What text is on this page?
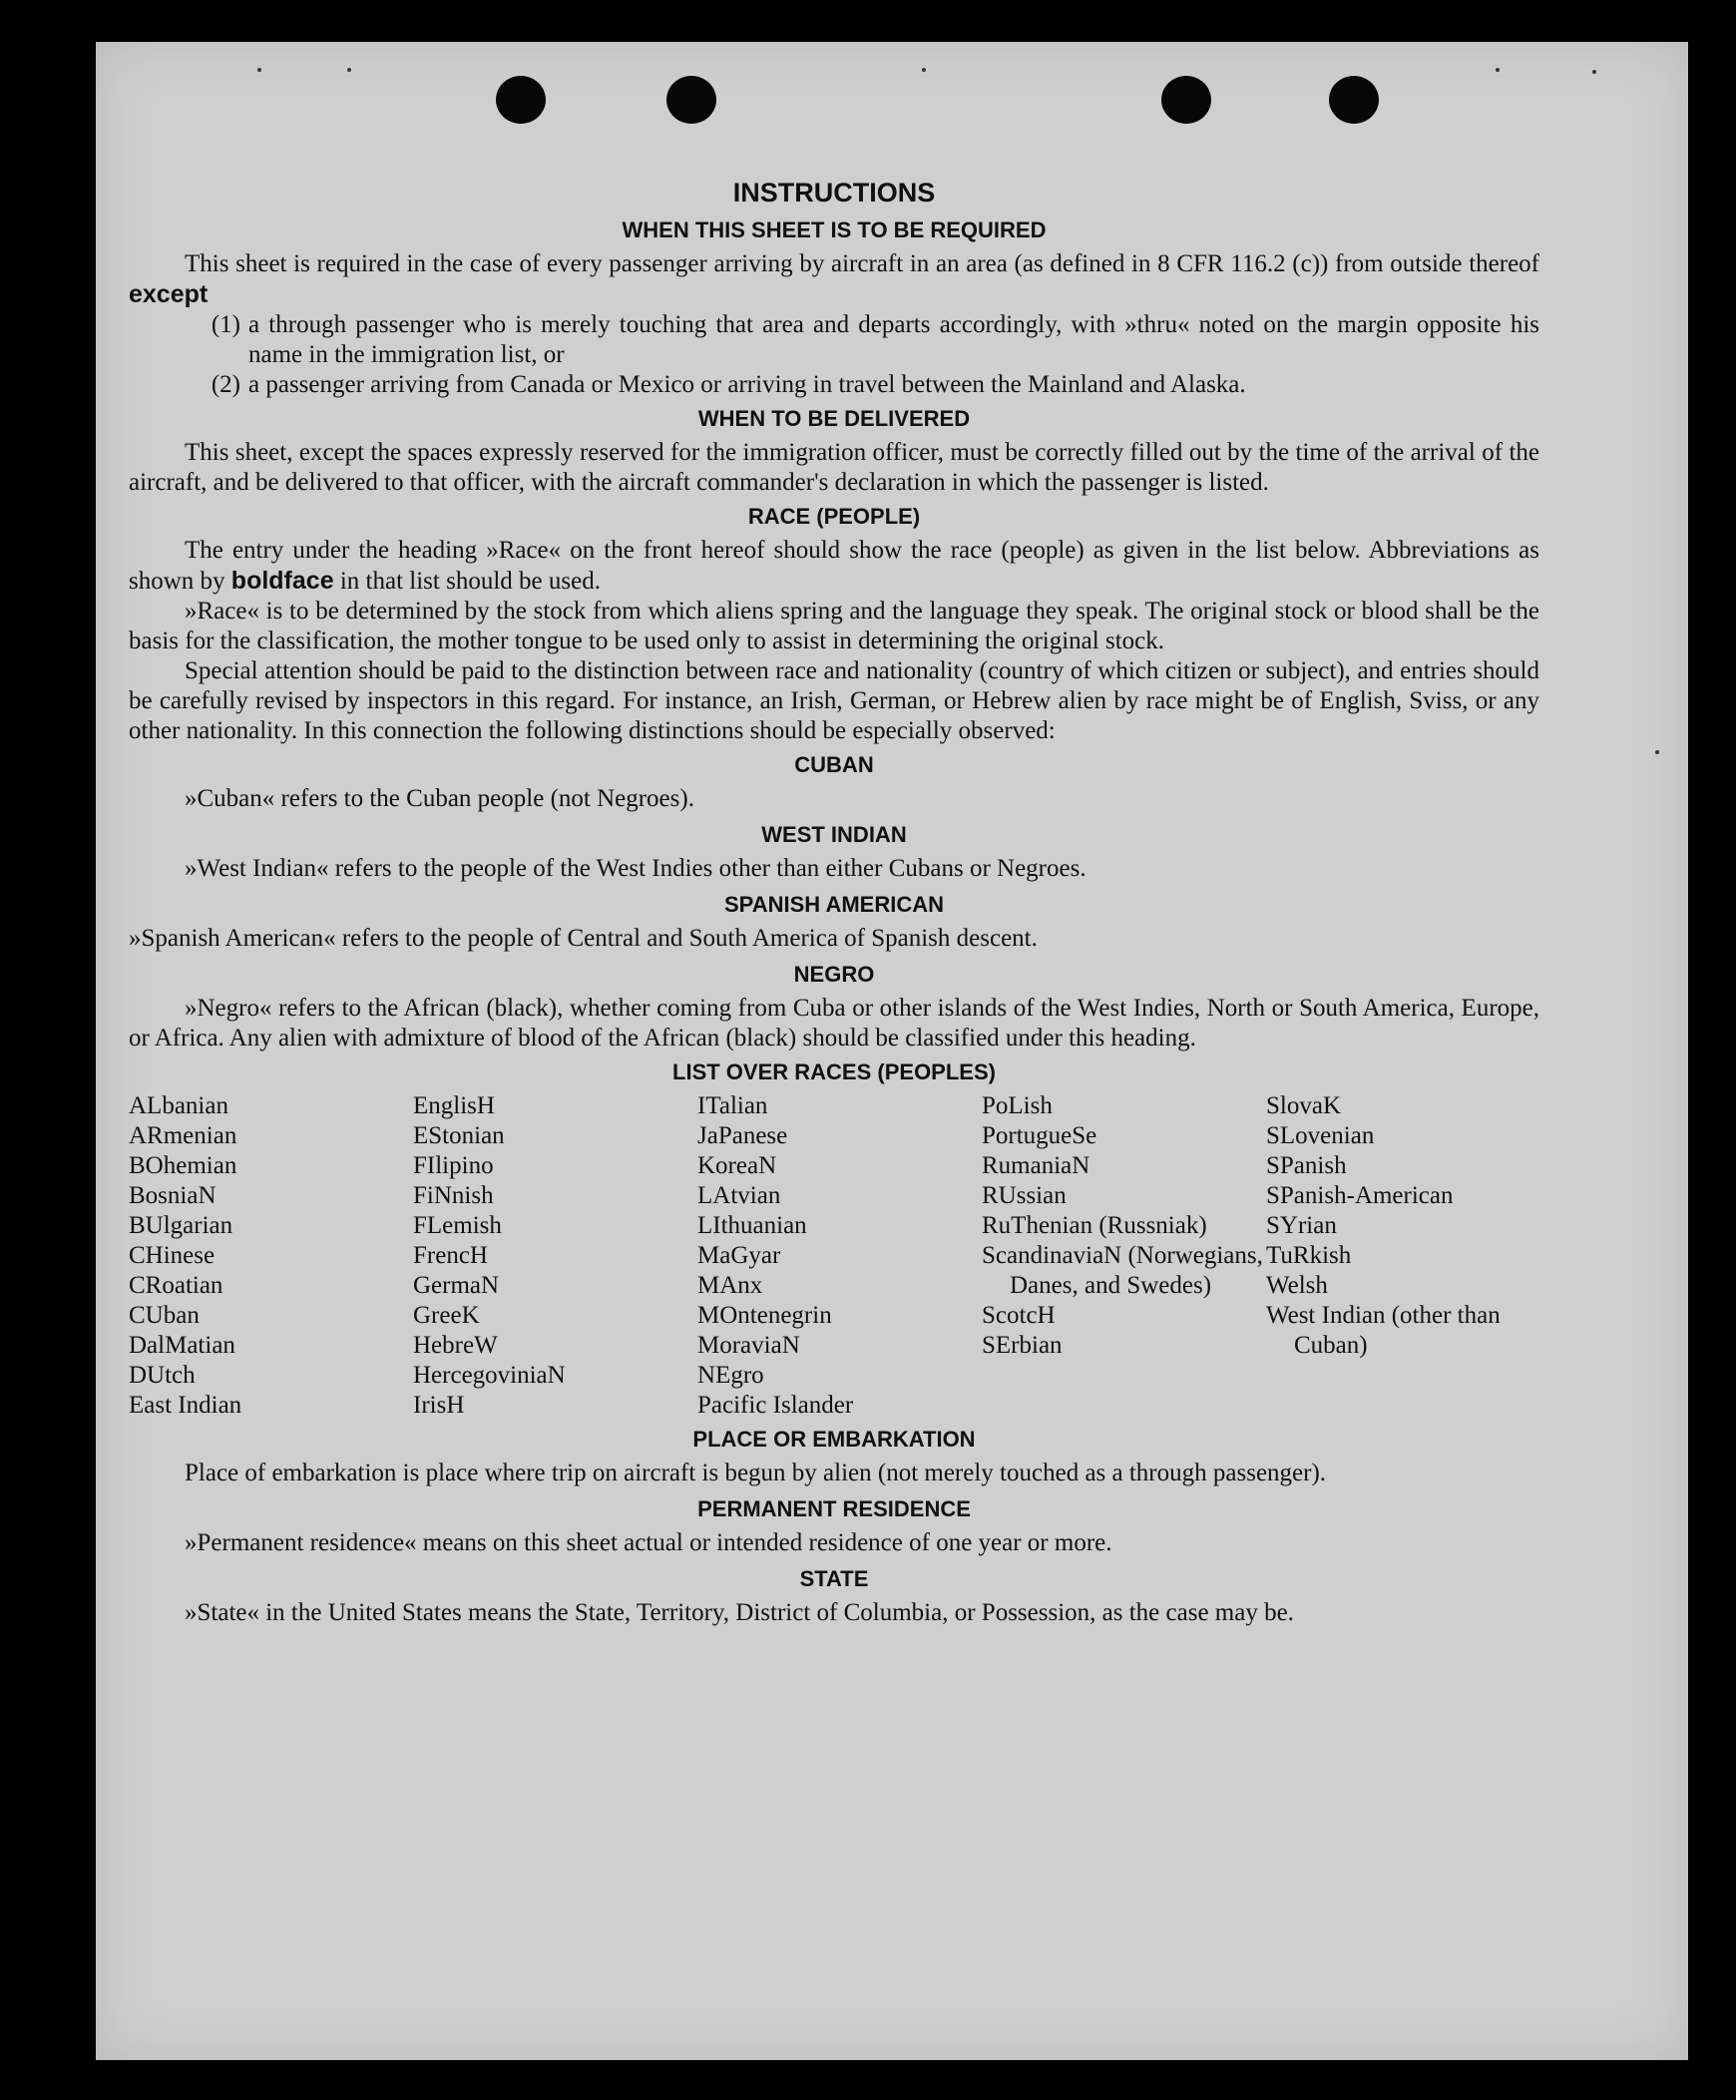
INSTRUCTIONS
WHEN THIS SHEET IS TO BE REQUIRED

This sheet is required in the case of every passenger arriving by aircraft in an area (as defined in 8 CFR 116.2 (c)) from outside thereof except

(1) a through passenger who is merely touching that area and departs accordingly, with »thru« noted on the margin opposite his name in the immigration list, or
(2) a passenger arriving from Canada or Mexico or arriving in travel between the Mainland and Alaska.
WHEN TO BE DELIVERED

This sheet, except the spaces expressly reserved for the immigration officer, must be correctly filled out by the time of the arrival of the aircraft, and be delivered to that officer, with the aircraft commander's declaration in which the passenger is listed.

RACE (PEOPLE)

The entry under the heading »Race« on the front hereof should show the race (people) as given in the list below. Abbreviations as shown by boldface in that list should be used.

»Race« is to be determined by the stock from which aliens spring and the language they speak. The original stock or blood shall be the basis for the classification, the mother tongue to be used only to assist in determining the original stock.

Special attention should be paid to the distinction between race and nationality (country of which citizen or subject), and entries should be carefully revised by inspectors in this regard. For instance, an Irish, German, or Hebrew alien by race might be of English, Sviss, or any other nationality. In this connection the following distinctions should be especially observed:

CUBAN

»Cuban« refers to the Cuban people (not Negroes).

WEST INDIAN

»West Indian« refers to the people of the West Indies other than either Cubans or Negroes.

SPANISH AMERICAN

»Spanish American« refers to the people of Central and South America of Spanish descent.

NEGRO

»Negro« refers to the African (black), whether coming from Cuba or other islands of the West Indies, North or South America, Europe, or Africa. Any alien with admixture of blood of the African (black) should be classified under this heading.

LIST OVER RACES (PEOPLES)
ALbanian
ARmenian
BOhemian
BosniaN
BUlgarian
CHinese
CRoatian
CUban
DalMatian
DUtch
East Indian
EnglisH
EStonian
FIlipino
FiNnish
FLemish
FrencH
GermaN
GreeK
HebreW
HercegoviniaN
IrisH
ITalian
JaPanese
KoreaN
LAtvian
LIthuanian
MaGyar
MAnx
MOntenegrin
MoraviaN
NEgro
Pacific Islander
PoLish
PortugueSe
RumaniaN
RUssian
RuThenian (Russniak)
ScandinaviaN (Norwegians, Danes, and Swedes)
ScotcH
SErbian
SlovaK
SLovenian
SPanish
SPanish-American
SYrian
TuRkish
Welsh
West Indian (other than Cuban)
PLACE OR EMBARKATION

Place of embarkation is place where trip on aircraft is begun by alien (not merely touched as a through passenger).

PERMANENT RESIDENCE

»Permanent residence« means on this sheet actual or intended residence of one year or more.

STATE

»State« in the United States means the State, Territory, District of Columbia, or Possession, as the case may be.
